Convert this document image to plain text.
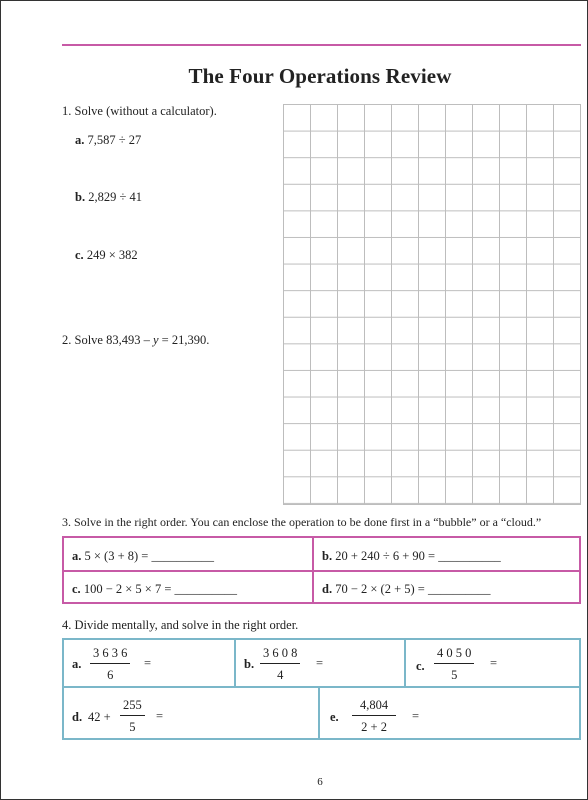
The Four Operations Review
1. Solve (without a calculator).
a. 7,587 ÷ 27
b. 2,829 ÷ 41
c. 249 × 382
2. Solve 83,493 – y = 21,390.
3. Solve in the right order. You can enclose the operation to be done first in a “bubble” or a “cloud.”
a. 5 × (3 + 8) = __________	b. 20 + 240 ÷ 6 + 90 = __________
c. 100 − 2 × 5 × 7 = __________	d. 70 − 2 × (2 + 5) = __________
4. Divide mentally, and solve in the right order.
a.
3 6 3 6
6
=	b.
3 6 0 8
4
=	c.
4 0 5 0
5
=
d. 42 +
255
5
=	e.
4,804
2 + 2
=
6
